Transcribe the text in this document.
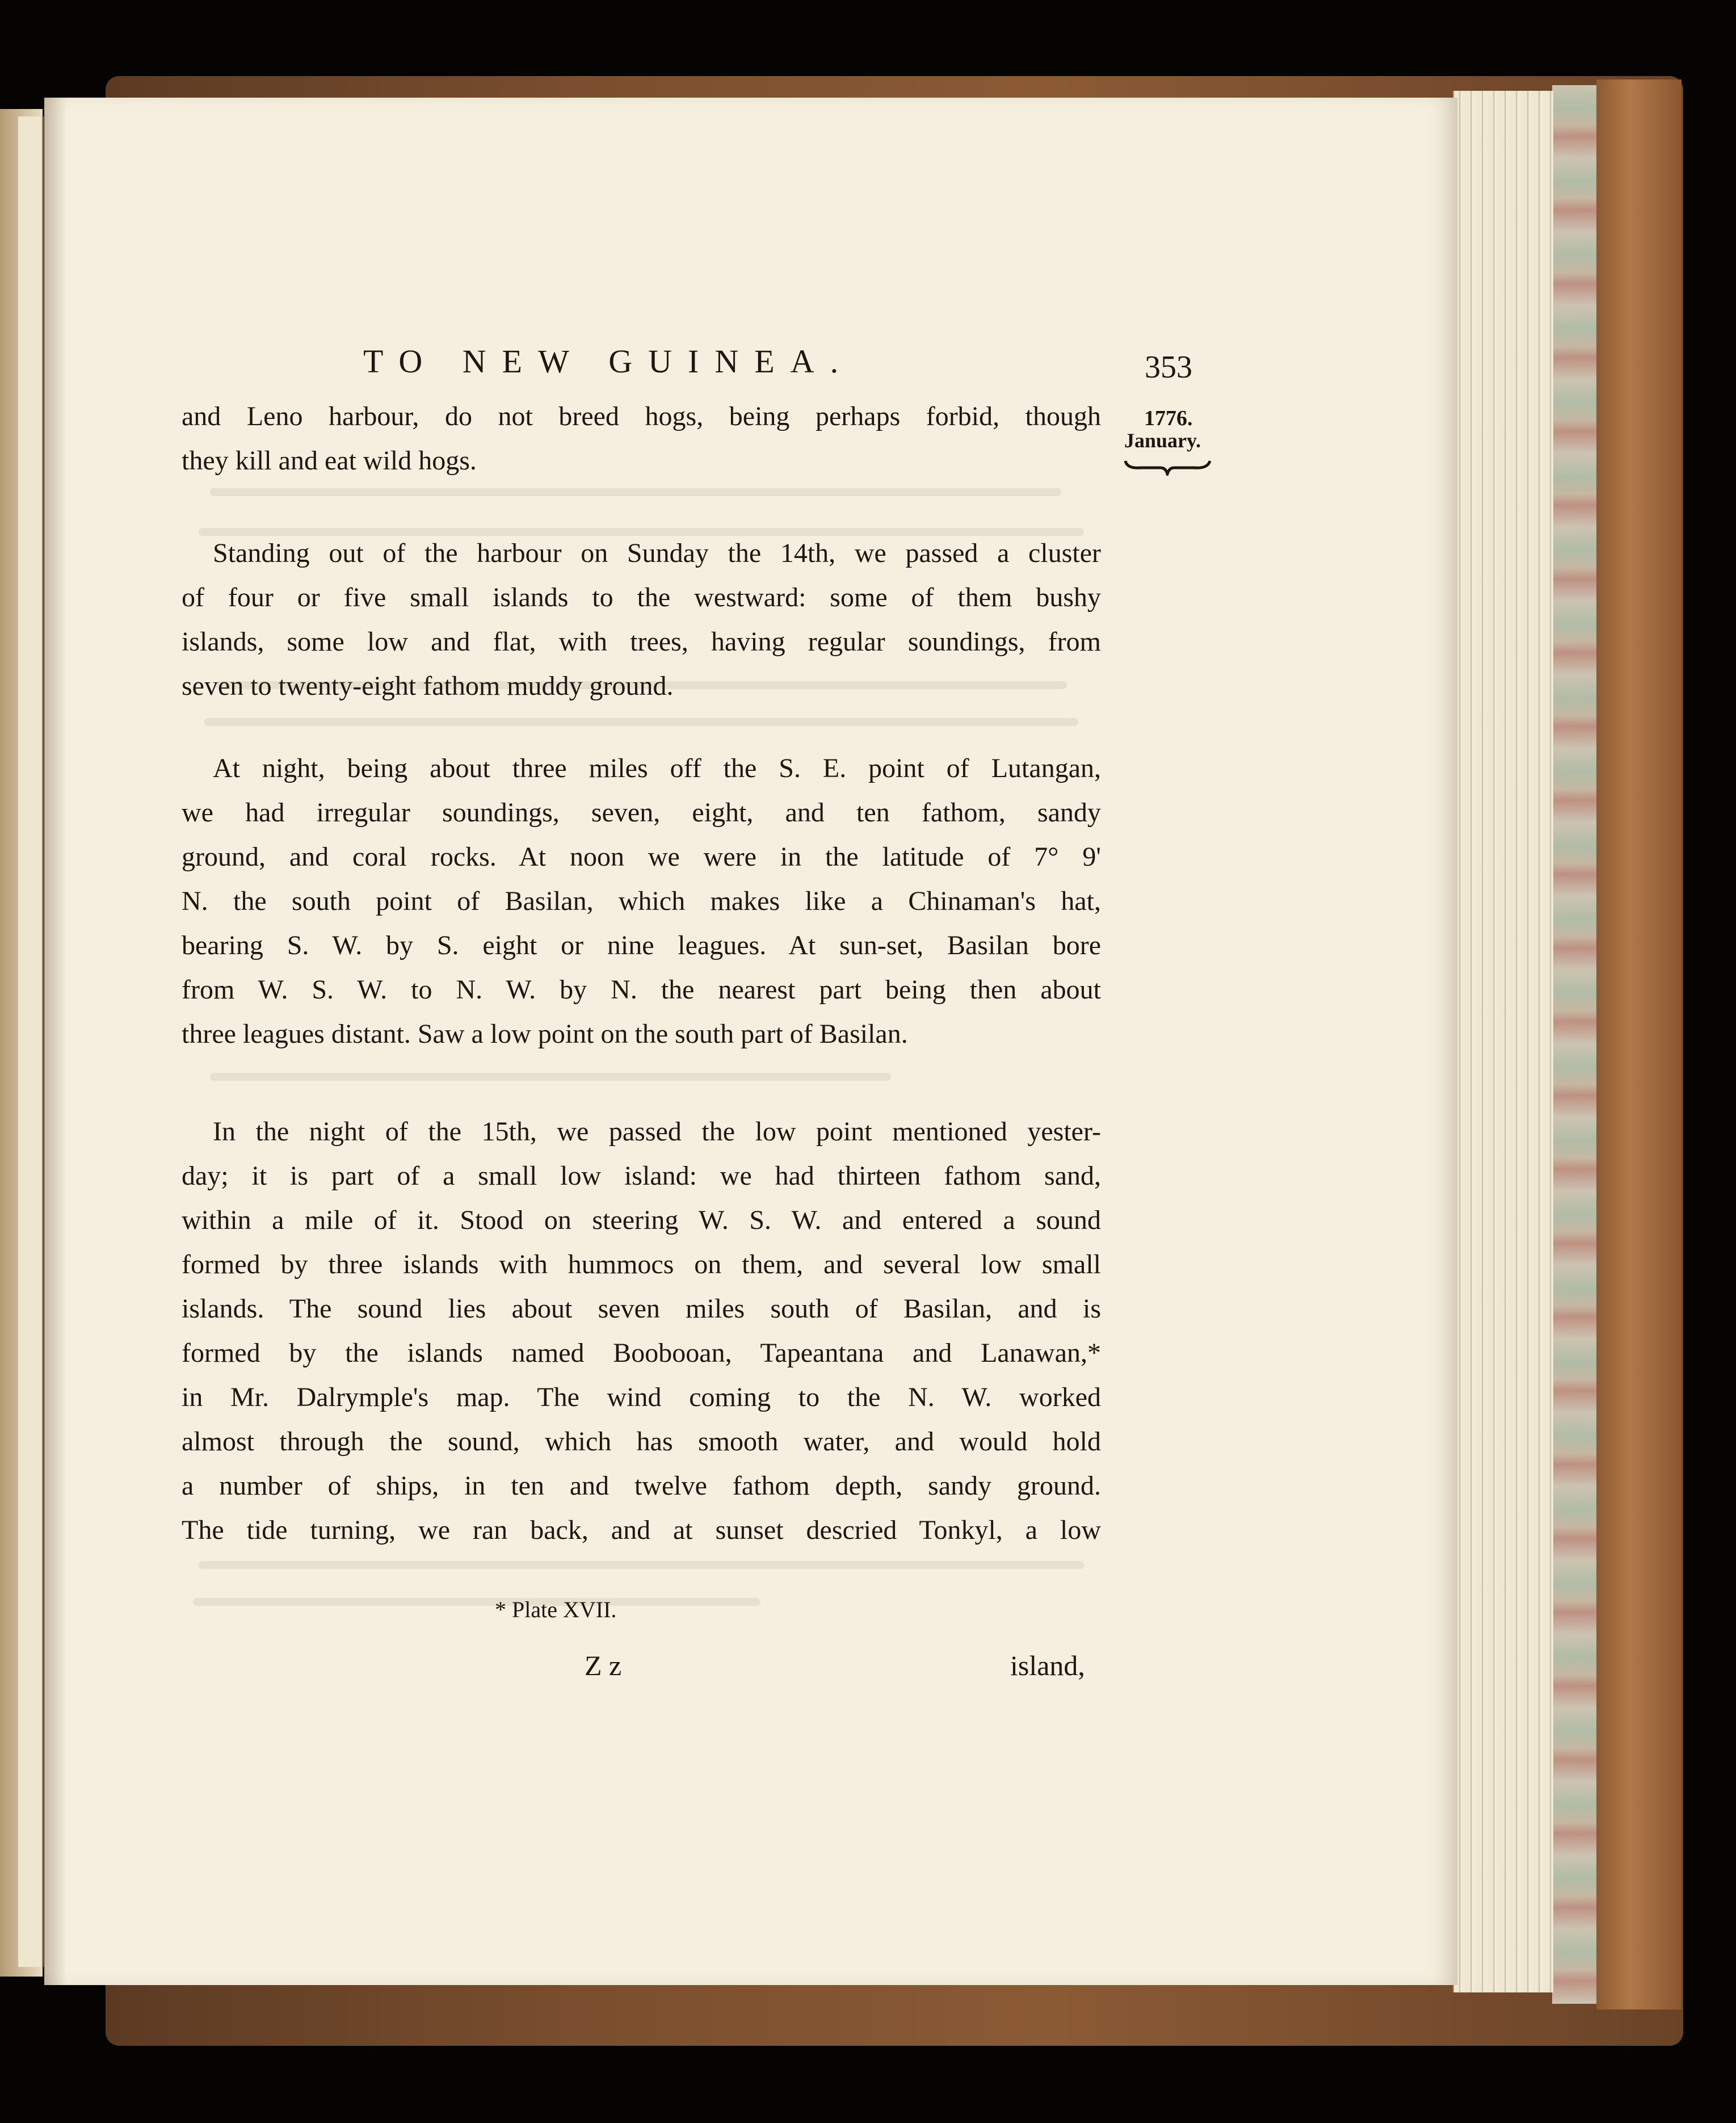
TO NEW GUINEA.	353
1776.
January.
and Leno harbour, do not breed hogs, being perhaps forbid, though
they kill and eat wild hogs.
Standing out of the harbour on Sunday the 14th, we passed a cluster
of four or five small islands to the westward: some of them bushy
islands, some low and flat, with trees, having regular soundings, from
seven to twenty-eight fathom muddy ground.
At night, being about three miles off the S. E. point of Lutangan,
we had irregular soundings, seven, eight, and ten fathom, sandy
ground, and coral rocks. At noon we were in the latitude of 7° 9'
N. the south point of Basilan, which makes like a Chinaman's hat,
bearing S. W. by S. eight or nine leagues. At sun-set, Basilan bore
from W. S. W. to N. W. by N. the nearest part being then about
three leagues distant. Saw a low point on the south part of Basilan.
In the night of the 15th, we passed the low point mentioned yester-
day; it is part of a small low island: we had thirteen fathom sand,
within a mile of it. Stood on steering W. S. W. and entered a sound
formed by three islands with hummocs on them, and several low small
islands. The sound lies about seven miles south of Basilan, and is
formed by the islands named Boobooan, Tapeantana and Lanawan,*
in Mr. Dalrymple's map. The wind coming to the N. W. worked
almost through the sound, which has smooth water, and would hold
a number of ships, in ten and twelve fathom depth, sandy ground.
The tide turning, we ran back, and at sunset descried Tonkyl, a low
* Plate XVII.
Z z	island,
